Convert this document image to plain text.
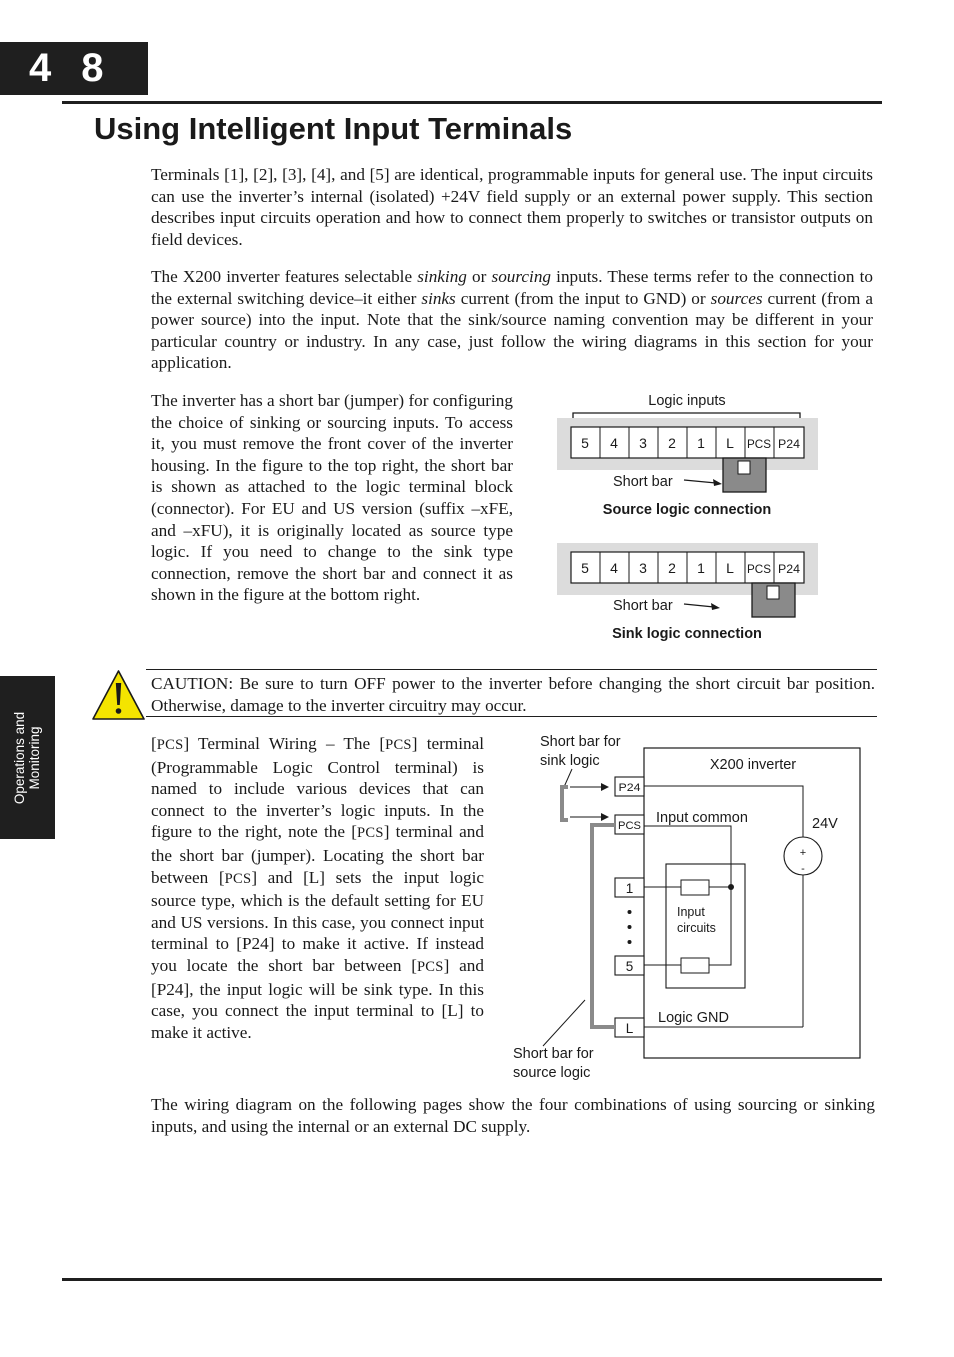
4 8
Using Intelligent Input Terminals
Terminals [1], [2], [3], [4], and [5] are identical, programmable inputs for general use. The input circuits can use the inverter’s internal (isolated) +24V field supply or an external power supply. This section describes input circuits operation and how to connect them properly to switches or transistor outputs on field devices.
The X200 inverter features selectable sinking or sourcing inputs. These terms refer to the connection to the external switching device–it either sinks current (from the input to GND) or sources current (from a power source) into the input. Note that the sink/source naming convention may be different in your particular country or industry. In any case, just follow the wiring diagrams in this section for your application.
The inverter has a short bar (jumper) for configuring the choice of sinking or sourcing inputs. To access it, you must remove the front cover of the inverter housing. In the figure to the top right, the short bar is shown as attached to the logic terminal block (connector). For EU and US version (suffix –xFE, and –xFU), it is originally located as source type logic. If you need to change to the sink type connection, remove the short bar and connect it as shown in the figure at the bottom right.
Logic inputs
5 4 3 2 1 L PCS P24
Short bar
Source logic connection
5 4 3 2 1 L PCS P24
Short bar
Sink logic connection
Operations and Monitoring
CAUTION: Be sure to turn OFF power to the inverter before changing the short circuit bar position. Otherwise, damage to the inverter circuitry may occur.
[PCS] Terminal Wiring – The [PCS] terminal (Programmable Logic Control terminal) is named to include various devices that can connect to the inverter’s logic inputs. In the figure to the right, note the [PCS] terminal and the short bar (jumper). Locating the short bar between [PCS] and [L] sets the input logic source type, which is the default setting for EU and US versions. In this case, you connect input terminal to [P24] to make it active. If instead you locate the short bar between [PCS] and [P24], the input logic will be sink type. In this case, you connect the input terminal to [L] to make it active.
Short bar for
sink logic	X200 inverter
P24
PCS Input common	24V
+
-
Input
circuits
1
5
L
Logic GND
Short bar for
source logic
The wiring diagram on the following pages show the four combinations of using sourcing or sinking inputs, and using the internal or an external DC supply.
